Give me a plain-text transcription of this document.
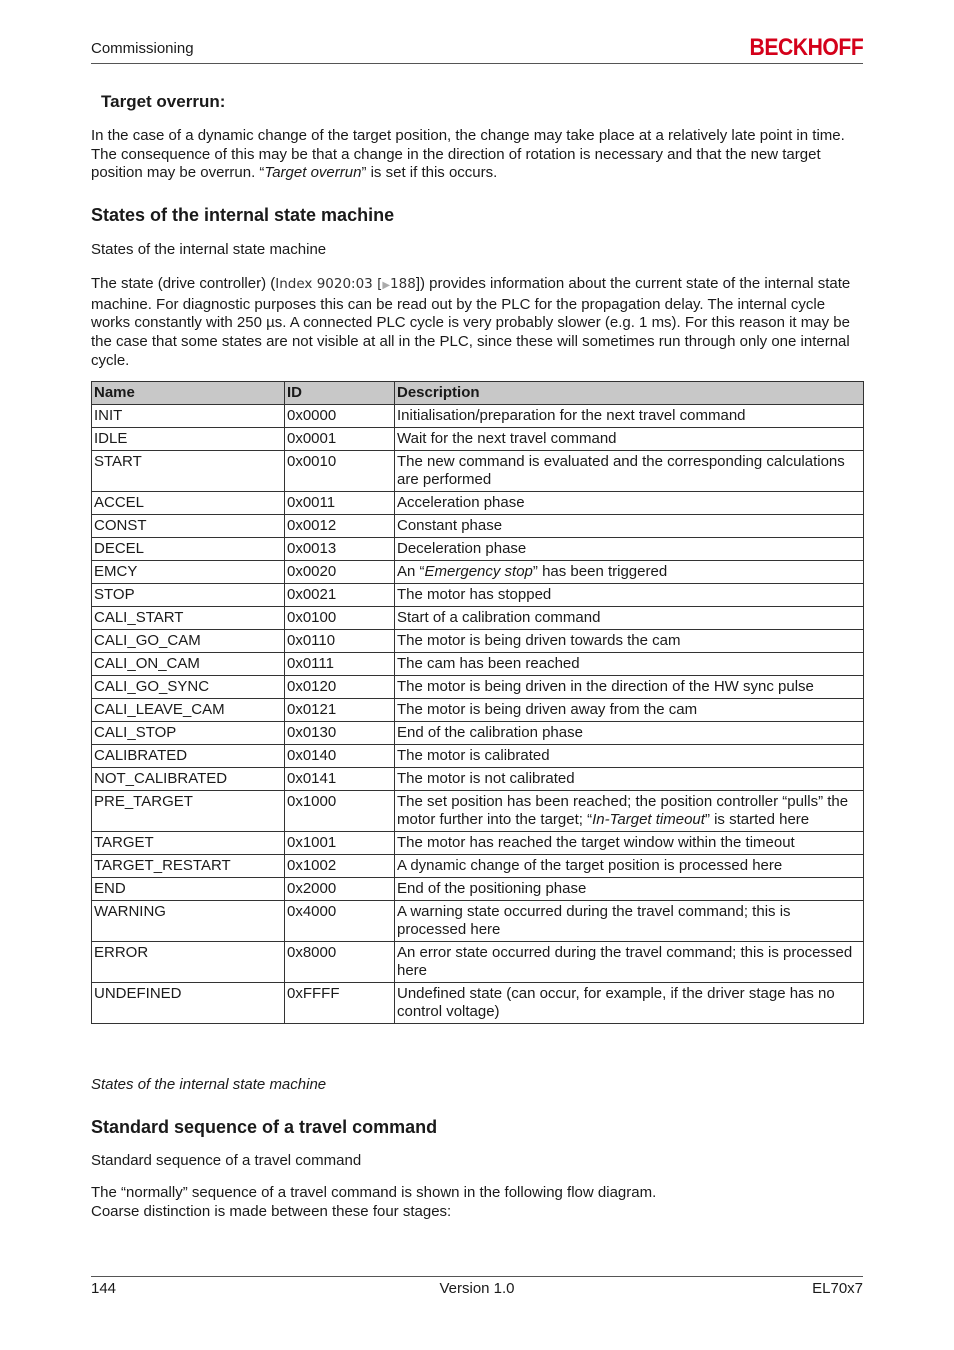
Commissioning	BECKHOFF
Target overrun:
In the case of a dynamic change of the target position, the change may take place at a relatively late point in time. The consequence of this may be that a change in the direction of rotation is necessary and that the new target position may be overrun. “Target overrun” is set if this occurs.
States of the internal state machine
States of the internal state machine
The state (drive controller) (Index 9020:03 [▶188]) provides information about the current state of the internal state machine. For diagnostic purposes this can be read out by the PLC for the propagation delay. The internal cycle works constantly with 250 µs. A connected PLC cycle is very probably slower (e.g. 1 ms). For this reason it may be the case that some states are not visible at all in the PLC, since these will sometimes run through only one internal cycle.
Name	ID	Description
INIT	0x0000	Initialisation/preparation for the next travel command
IDLE	0x0001	Wait for the next travel command
START	0x0010	The new command is evaluated and the corresponding calculations are performed
ACCEL	0x0011	Acceleration phase
CONST	0x0012	Constant phase
DECEL	0x0013	Deceleration phase
EMCY	0x0020	An “Emergency stop” has been triggered
STOP	0x0021	The motor has stopped
CALI_START	0x0100	Start of a calibration command
CALI_GO_CAM	0x0110	The motor is being driven towards the cam
CALI_ON_CAM	0x0111	The cam has been reached
CALI_GO_SYNC	0x0120	The motor is being driven in the direction of the HW sync pulse
CALI_LEAVE_CAM	0x0121	The motor is being driven away from the cam
CALI_STOP	0x0130	End of the calibration phase
CALIBRATED	0x0140	The motor is calibrated
NOT_CALIBRATED	0x0141	The motor is not calibrated
PRE_TARGET	0x1000	The set position has been reached; the position controller “pulls” the motor further into the target; “In-Target timeout” is started here
TARGET	0x1001	The motor has reached the target window within the timeout
TARGET_RESTART	0x1002	A dynamic change of the target position is processed here
END	0x2000	End of the positioning phase
WARNING	0x4000	A warning state occurred during the travel command; this is processed here
ERROR	0x8000	An error state occurred during the travel command; this is processed here
UNDEFINED	0xFFFF	Undefined state (can occur, for example, if the driver stage has no control voltage)
States of the internal state machine
Standard sequence of a travel command
Standard sequence of a travel command
The “normally” sequence of a travel command is shown in the following flow diagram.
Coarse distinction is made between these four stages:
144	Version 1.0	EL70x7
